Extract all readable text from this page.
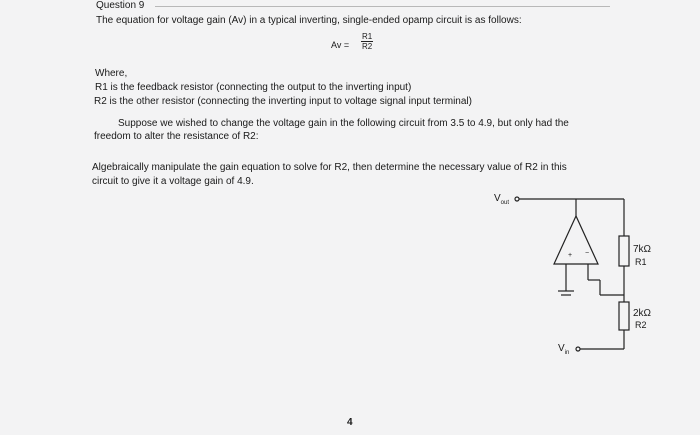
Question 9
The equation for voltage gain (Av) in a typical inverting, single-ended opamp circuit is as follows:
$Av = \frac{R1}{R2}$
Where,
R1 is the feedback resistor (connecting the output to the inverting input)
R2 is the other resistor (connecting the inverting input to voltage signal input terminal)
Suppose we wished to change the voltage gain in the following circuit from 3.5 to 4.9, but only had the
freedom to alter the resistance of R2:
Algebraically manipulate the gain equation to solve for R2, then determine the necessary value of R2 in this
circuit to give it a voltage gain of 4.9.
+ −
$V_{out}$
$V_{in}$
7kΩ
R1
2kΩ
R2
4
